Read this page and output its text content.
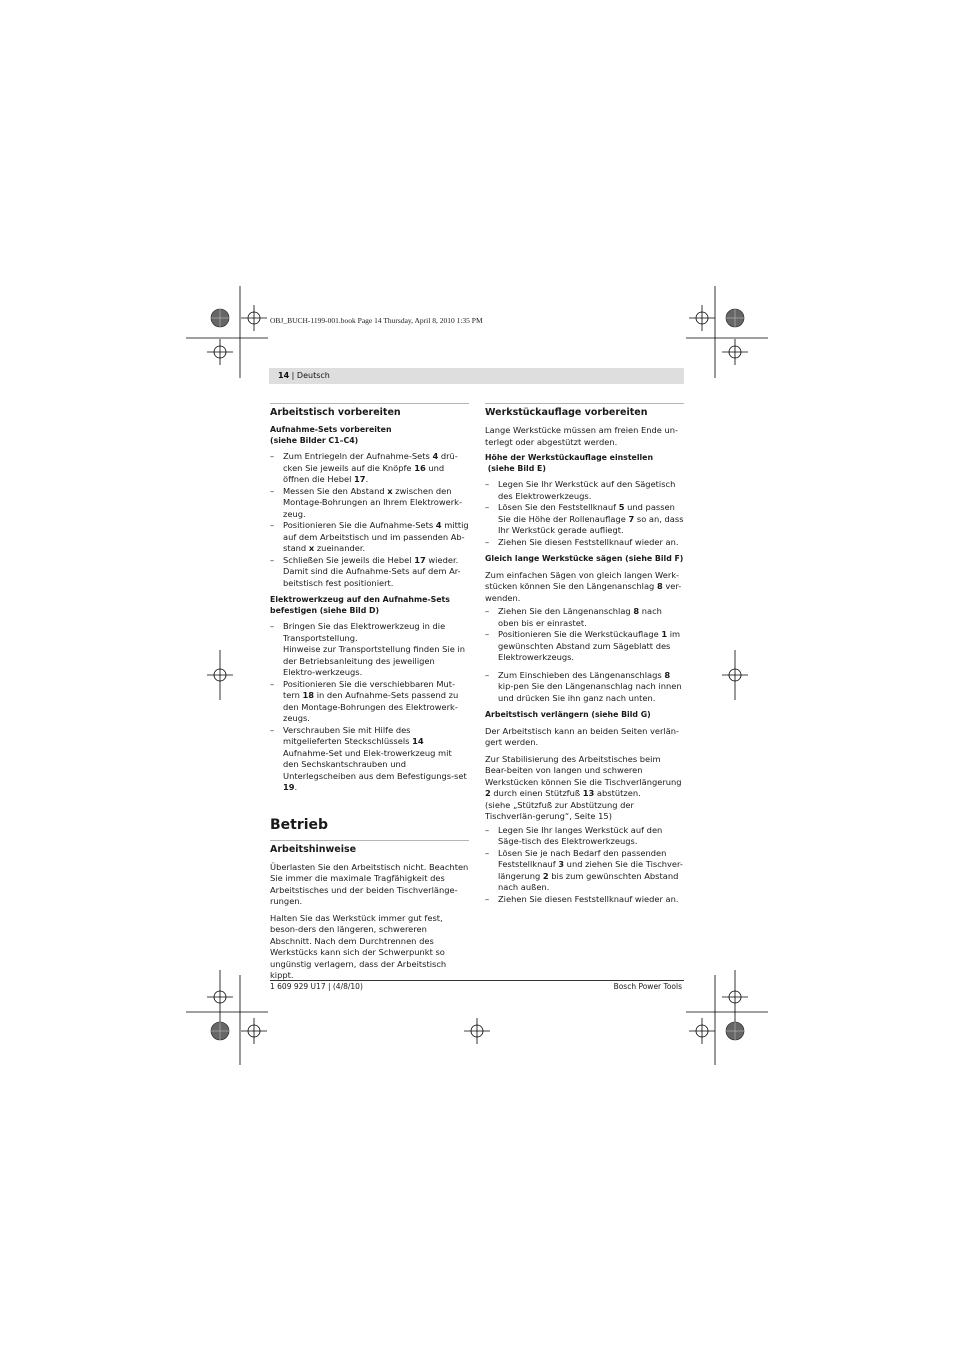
OBJ_BUCH-1199-001.book Page 14 Thursday, April 8, 2010 1:35 PM
14 | Deutsch
Arbeitstisch vorbereiten
Aufnahme-Sets vorbereiten
(siehe Bilder C1–C4)
– Zum Entriegeln der Aufnahme-Sets 4 drü-cken Sie jeweils auf die Knöpfe 16 und öffnen die Hebel 17.
– Messen Sie den Abstand x zwischen den Montage-Bohrungen an Ihrem Elektrowerk-zeug.
– Positionieren Sie die Aufnahme-Sets 4 mittig auf dem Arbeitstisch und im passenden Ab-stand x zueinander.
– Schließen Sie jeweils die Hebel 17 wieder. Damit sind die Aufnahme-Sets auf dem Ar-beitstisch fest positioniert.
Elektrowerkzeug auf den Aufnahme-Sets
befestigen (siehe Bild D)
– Bringen Sie das Elektrowerkzeug in die Transportstellung.
Hinweise zur Transportstellung finden Sie in der Betriebsanleitung des jeweiligen Elektro-werkzeugs.
– Positionieren Sie die verschiebbaren Mut-tern 18 in den Aufnahme-Sets passend zu den Montage-Bohrungen des Elektrowerk-zeugs.
– Verschrauben Sie mit Hilfe des mitgelieferten Steckschlüssels 14 Aufnahme-Set und Elek-trowerkzeug mit den Sechskantschrauben und Unterlegscheiben aus dem Befestigungs-set 19.
Betrieb
Arbeitshinweise
Überlasten Sie den Arbeitstisch nicht. Beachten Sie immer die maximale Tragfähigkeit des Arbeitstisches und der beiden Tischverlänge-rungen.
Halten Sie das Werkstück immer gut fest, beson-ders den längeren, schwereren Abschnitt. Nach dem Durchtrennen des Werkstücks kann sich der Schwerpunkt so ungünstig verlagern, dass der Arbeitstisch kippt.
Werkstückauflage vorbereiten
Lange Werkstücke müssen am freien Ende un-terlegt oder abgestützt werden.
Höhe der Werkstückauflage einstellen
(siehe Bild E)
– Legen Sie Ihr Werkstück auf den Sägetisch des Elektrowerkzeugs.
– Lösen Sie den Feststellknauf 5 und passen Sie die Höhe der Rollenauflage 7 so an, dass Ihr Werkstück gerade aufliegt.
– Ziehen Sie diesen Feststellknauf wieder an.
Gleich lange Werkstücke sägen (siehe Bild F)
Zum einfachen Sägen von gleich langen Werk-stücken können Sie den Längenanschlag 8 ver-wenden.
– Ziehen Sie den Längenanschlag 8 nach oben bis er einrastet.
– Positionieren Sie die Werkstückauflage 1 im gewünschten Abstand zum Sägeblatt des Elektrowerkzeugs.
– Zum Einschieben des Längenanschlags 8 kip-pen Sie den Längenanschlag nach innen und drücken Sie ihn ganz nach unten.
Arbeitstisch verlängern (siehe Bild G)
Der Arbeitstisch kann an beiden Seiten verlän-gert werden.
Zur Stabilisierung des Arbeitstisches beim Bear-beiten von langen und schweren Werkstücken können Sie die Tischverlängerung 2 durch einen Stützfuß 13 abstützen.
(siehe „Stützfuß zur Abstützung der Tischverlän-gerung“, Seite 15)
– Legen Sie Ihr langes Werkstück auf den Säge-tisch des Elektrowerkzeugs.
– Lösen Sie je nach Bedarf den passenden Feststellknauf 3 und ziehen Sie die Tischver-längerung 2 bis zum gewünschten Abstand nach außen.
– Ziehen Sie diesen Feststellknauf wieder an.
1 609 929 U17 | (4/8/10)	Bosch Power Tools
